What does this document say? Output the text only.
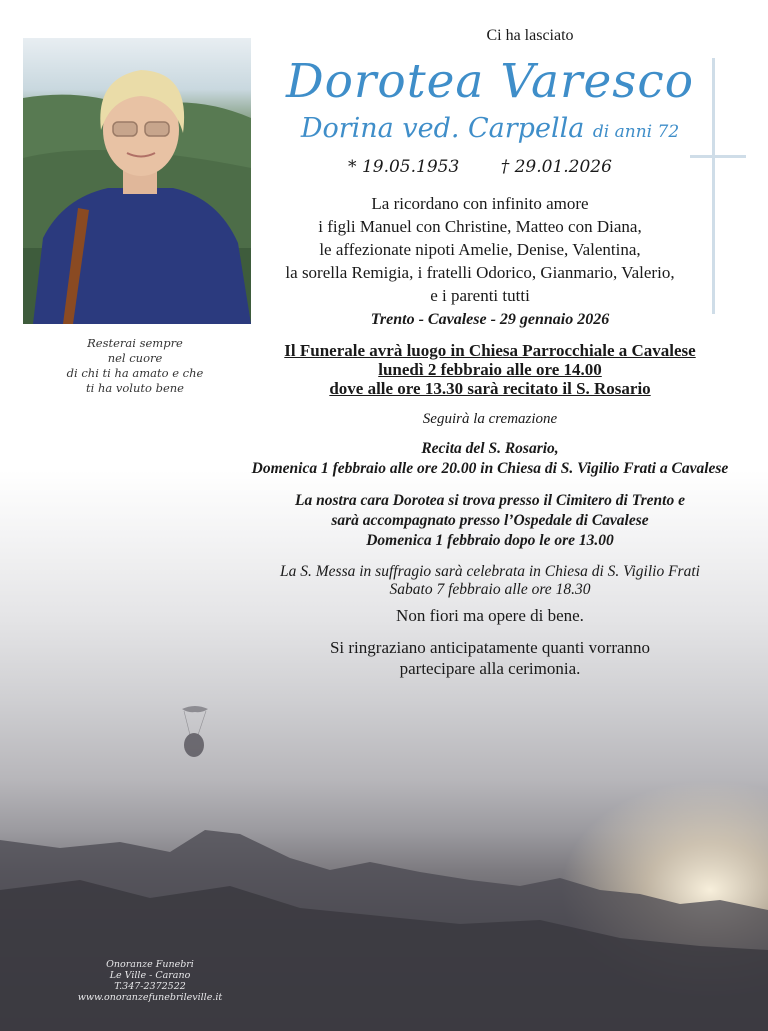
Resterai sempre
nel cuore
di chi ti ha amato e che
ti ha voluto bene
Ci ha lasciato
Dorotea Varesco
Dorina ved. Carpella di anni 72
* 19.05.1953 † 29.01.2026
La ricordano con infinito amore
i figli Manuel con Christine, Matteo con Diana,
le affezionate nipoti Amelie, Denise, Valentina,
la sorella Remigia, i fratelli Odorico, Gianmario, Valerio,
e i parenti tutti
Trento - Cavalese - 29 gennaio 2026
Il Funerale avrà luogo in Chiesa Parrocchiale a Cavalese
lunedì 2 febbraio alle ore 14.00
dove alle ore 13.30 sarà recitato il S. Rosario
Seguirà la cremazione
Recita del S. Rosario,
Domenica 1 febbraio alle ore 20.00 in Chiesa di S. Vigilio Frati a Cavalese
La nostra cara Dorotea si trova presso il Cimitero di Trento e
sarà accompagnato presso l’Ospedale di Cavalese
Domenica 1 febbraio dopo le ore 13.00
La S. Messa in suffragio sarà celebrata in Chiesa di S. Vigilio Frati
Sabato 7 febbraio alle ore 18.30
Non fiori ma opere di bene.
Si ringraziano anticipatamente quanti vorranno
partecipare alla cerimonia.
Onoranze Funebri
Le Ville - Carano
T.347-2372522
www.onoranzefunebrileville.it
